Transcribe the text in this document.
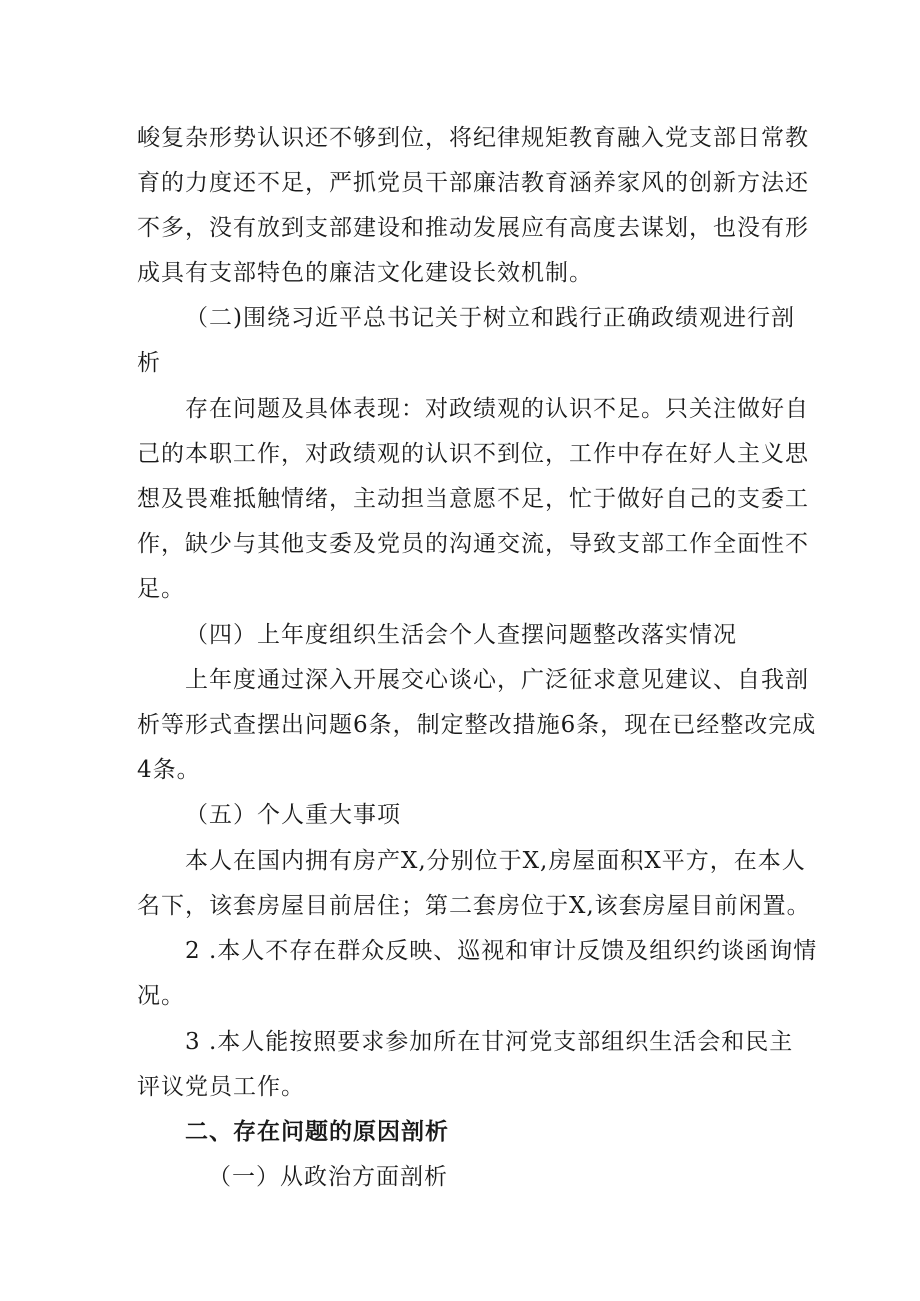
峻复杂形势认识还不够到位，将纪律规矩教育融入党支部日常教
育的力度还不足，严抓党员干部廉洁教育涵养家风的创新方法还
不多，没有放到支部建设和推动发展应有高度去谋划，也没有形
成具有支部特色的廉洁文化建设长效机制。
（二)围绕习近平总书记关于树立和践行正确政绩观进行剖
析
存在问题及具体表现：对政绩观的认识不足。只关注做好自
己的本职工作，对政绩观的认识不到位，工作中存在好人主义思
想及畏难抵触情绪，主动担当意愿不足，忙于做好自己的支委工
作，缺少与其他支委及党员的沟通交流，导致支部工作全面性不
足。
（四）上年度组织生活会个人查摆问题整改落实情况
上年度通过深入开展交心谈心，广泛征求意见建议、自我剖
析等形式查摆出问题6条，制定整改措施6条，现在已经整改完成
4条。
（五）个人重大事项
本人在国内拥有房产X,分别位于X,房屋面积X平方，在本人
名下，该套房屋目前居住；第二套房位于X,该套房屋目前闲置。
2 .本人不存在群众反映、巡视和审计反馈及组织约谈函询情
况。
3 .本人能按照要求参加所在甘河党支部组织生活会和民主
评议党员工作。
二、存在问题的原因剖析
（一）从政治方面剖析
